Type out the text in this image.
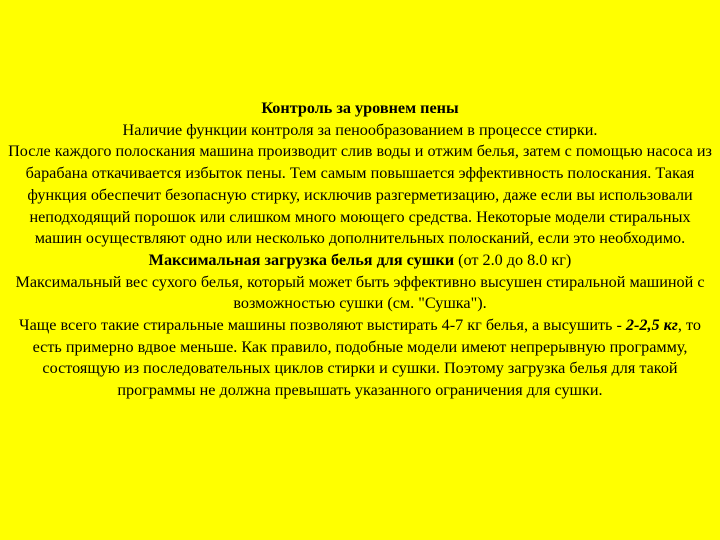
Контроль за уровнем пены

Наличие функции контроля за пенообразованием в процессе стирки.

После каждого полоскания машина производит слив воды и отжим белья, затем с помощью насоса из барабана откачивается избыток пены. Тем самым повышается эффективность полоскания. Такая функция обеспечит безопасную стирку, исключив разгерметизацию, даже если вы использовали неподходящий порошок или слишком много моющего средства. Некоторые модели стиральных машин осуществляют одно или несколько дополнительных полосканий, если это необходимо.

Максимальная загрузка белья для сушки (от 2.0 до 8.0 кг)

Максимальный вес сухого белья, который может быть эффективно высушен стиральной машиной с возможностью сушки (см. "Сушка").

Чаще всего такие стиральные машины позволяют выстирать 4-7 кг белья, а высушить - 2-2,5 кг, то есть примерно вдвое меньше. Как правило, подобные модели имеют непрерывную программу, состоящую из последовательных циклов стирки и сушки. Поэтому загрузка белья для такой программы не должна превышать указанного ограничения для сушки.
